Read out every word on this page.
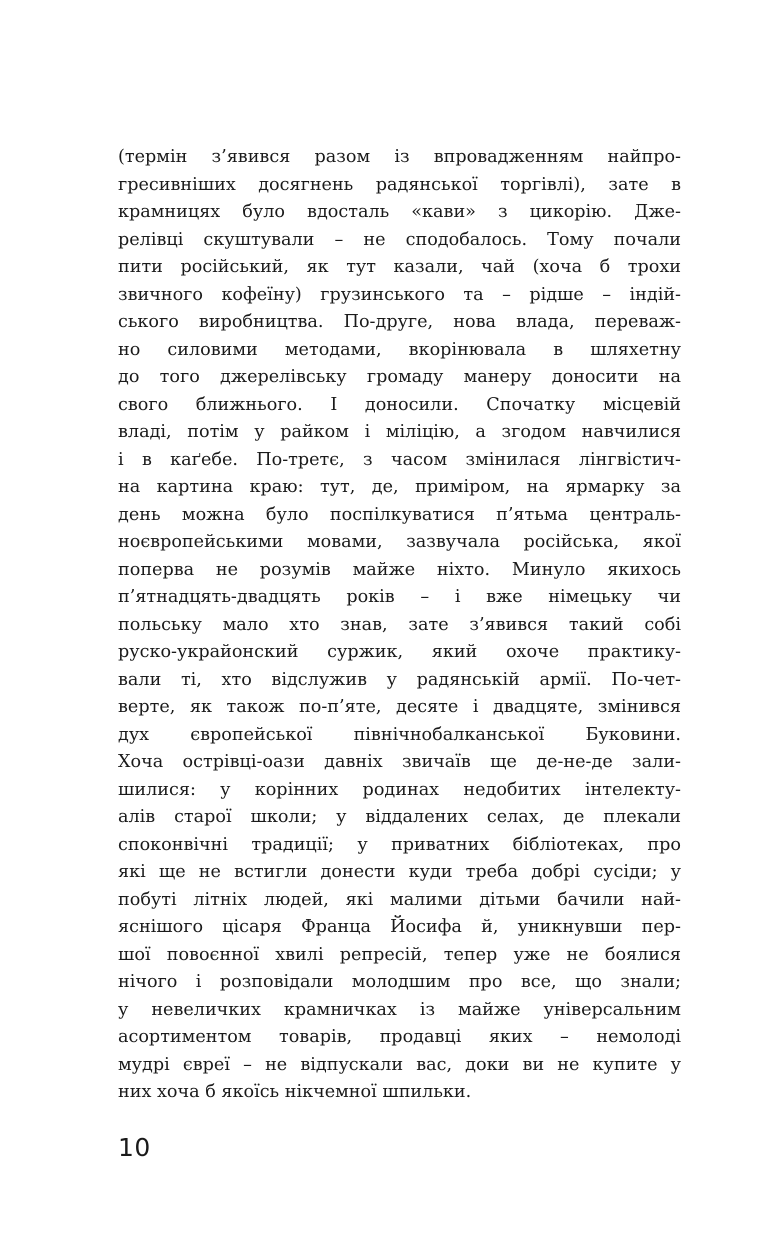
(термін з’явився разом із впровадженням найпро-
гресивніших досягнень радянської торгівлі), зате в
крамницях було вдосталь «кави» з цикорію. Дже-
релівці скуштували – не сподобалось. Тому почали
пити російський, як тут казали, чай (хоча б трохи
звичного кофеїну) грузинського та – рідше – індій-
ського виробництва. По-друге, нова влада, переваж-
но силовими методами, вкорінювала в шляхетну
до того джерелівську громаду манеру доносити на
свого ближнього. І доносили. Спочатку місцевій
владі, потім у райком і міліцію, а згодом навчилися
і в каґебе. По-третє, з часом змінилася лінгвістич-
на картина краю: тут, де, приміром, на ярмарку за
день можна було поспілкуватися п’ятьма централь-
ноєвропейськими мовами, зазвучала російська, якої
поперва не розумів майже ніхто. Минуло якихось
п’ятнадцять-двадцять років – і вже німецьку чи
польську мало хто знав, зате з’явився такий собі
руско-украйонский суржик, який охоче практику-
вали ті, хто відслужив у радянській армії. По-чет-
верте, як також по-п’яте, десяте і двадцяте, змінився
дух європейської північнобалканської Буковини.
Хоча острівці-оази давніх звичаїв ще де-не-де зали-
шилися: у корінних родинах недобитих інтелекту-
алів старої школи; у віддалених селах, де плекали
споконвічні традиції; у приватних бібліотеках, про
які ще не встигли донести куди треба добрі сусіди; у
побуті літніх людей, які малими дітьми бачили най-
яснішого цісаря Франца Йосифа й, уникнувши пер-
шої повоєнної хвилі репресій, тепер уже не боялися
нічого і розповідали молодшим про все, що знали;
у невеличких крамничках із майже універсальним
асортиментом товарів, продавці яких – немолоді
мудрі євреї – не відпускали вас, доки ви не купите у
них хоча б якоїсь нікчемної шпильки.
10
